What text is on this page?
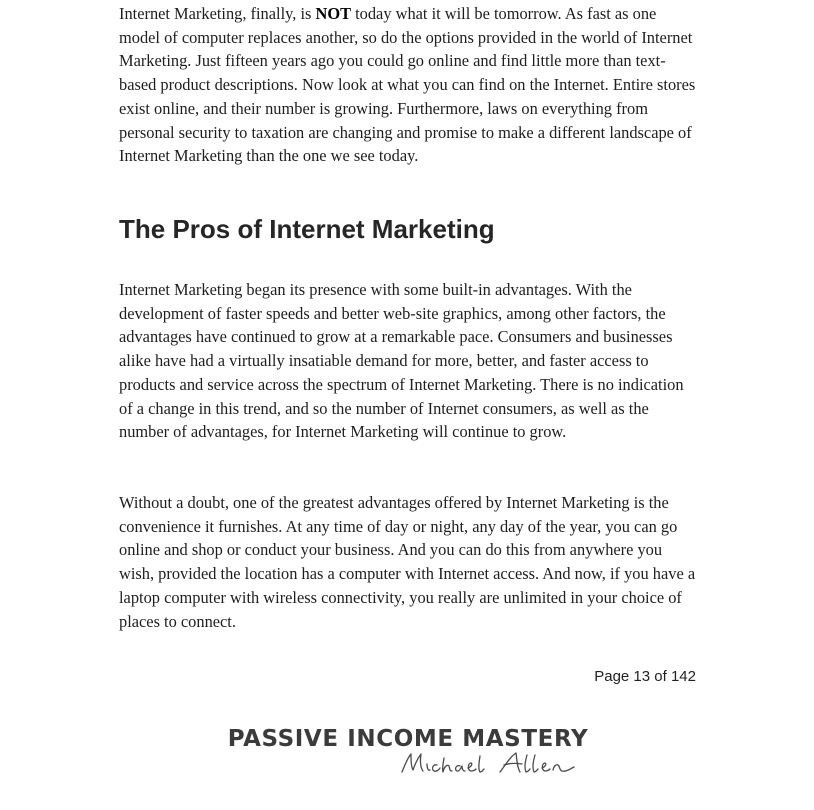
Internet Marketing, finally, is NOT today what it will be tomorrow. As fast as one model of computer replaces another, so do the options provided in the world of Internet Marketing. Just fifteen years ago you could go online and find little more than text-based product descriptions. Now look at what you can find on the Internet. Entire stores exist online, and their number is growing. Furthermore, laws on everything from personal security to taxation are changing and promise to make a different landscape of Internet Marketing than the one we see today.

The Pros of Internet Marketing

Internet Marketing began its presence with some built-in advantages. With the development of faster speeds and better web-site graphics, among other factors, the advantages have continued to grow at a remarkable pace. Consumers and businesses alike have had a virtually insatiable demand for more, better, and faster access to products and service across the spectrum of Internet Marketing. There is no indication of a change in this trend, and so the number of Internet consumers, as well as the number of advantages, for Internet Marketing will continue to grow.

Without a doubt, one of the greatest advantages offered by Internet Marketing is the convenience it furnishes. At any time of day or night, any day of the year, you can go online and shop or conduct your business. And you can do this from anywhere you wish, provided the location has a computer with Internet access. And now, if you have a laptop computer with wireless connectivity, you really are unlimited in your choice of places to connect.

Page 13 of 142
PASSIVE INCOME MASTERY
